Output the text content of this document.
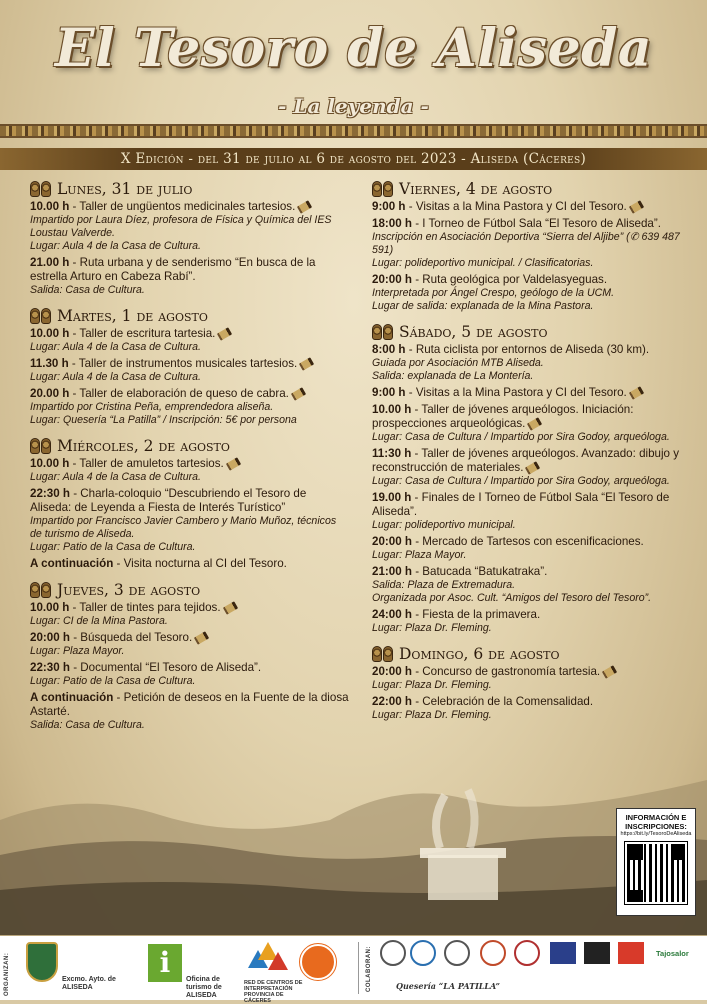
El Tesoro de Aliseda
- La leyenda -
X Edición - del 31 de julio al 6 de agosto del 2023 - Aliseda (Cáceres)
Lunes, 31 de julio
10.00 h - Taller de ungüentos medicinales tartesios.
Impartido por Laura Díez, profesora de Física y Química del IES Loustau Valverde.
Lugar: Aula 4 de la Casa de Cultura.
21.00 h - Ruta urbana y de senderismo “En busca de la estrella Arturo en Cabeza Rabí”.
Salida: Casa de Cultura.
Martes, 1 de agosto
10.00 h - Taller de escritura tartesia.
Lugar: Aula 4 de la Casa de Cultura.
11.30 h - Taller de instrumentos musicales tartesios.
Lugar: Aula 4 de la Casa de Cultura.
20.00 h - Taller de elaboración de queso de cabra.
Impartido por Cristina Peña, emprendedora aliseña.
Lugar: Quesería “La Patilla” / Inscripción: 5€ por persona
Miércoles, 2 de agosto
10.00 h - Taller de amuletos tartesios.
Lugar: Aula 4 de la Casa de Cultura.
22:30 h - Charla-coloquio “Descubriendo el Tesoro de Aliseda: de Leyenda a Fiesta de Interés Turístico”
Impartido por Francisco Javier Cambero y Mario Muñoz, técnicos de turismo de Aliseda.
Lugar: Patio de la Casa de Cultura.
A continuación - Visita nocturna al CI del Tesoro.
Jueves, 3 de agosto
10.00 h - Taller de tintes para tejidos.
Lugar: CI de la Mina Pastora.
20:00 h - Búsqueda del Tesoro.
Lugar: Plaza Mayor.
22:30 h - Documental “El Tesoro de Aliseda”.
Lugar: Patio de la Casa de Cultura.
A continuación - Petición de deseos en la Fuente de la diosa Astarté.
Salida: Casa de Cultura.
Viernes, 4 de agosto
9:00 h - Visitas a la Mina Pastora y CI del Tesoro.
18:00 h - I Torneo de Fútbol Sala “El Tesoro de Aliseda”.
Inscripción en Asociación Deportiva “Sierra del Aljibe” (✆ 639 487 591)
Lugar: polideportivo municipal. / Clasificatorias.
20:00 h - Ruta geológica por Valdelasyeguas.
Interpretada por Ángel Crespo, geólogo de la UCM.
Lugar de salida: explanada de la Mina Pastora.
Sábado, 5 de agosto
8:00 h - Ruta ciclista por entornos de Aliseda (30 km).
Guiada por Asociación MTB Aliseda.
Salida: explanada de La Montería.
9:00 h - Visitas a la Mina Pastora y CI del Tesoro.
10.00 h - Taller de jóvenes arqueólogos. Iniciación: prospecciones arqueológicas.
Lugar: Casa de Cultura / Impartido por Sira Godoy, arqueóloga.
11:30 h - Taller de jóvenes arqueólogos. Avanzado: dibujo y reconstrucción de materiales.
Lugar: Casa de Cultura / Impartido por Sira Godoy, arqueóloga.
19.00 h - Finales de I Torneo de Fútbol Sala “El Tesoro de Aliseda”.
Lugar: polideportivo municipal.
20:00 h - Mercado de Tartesos con escenificaciones.
Lugar: Plaza Mayor.
21:00 h - Batucada “Batukatraka”.
Salida: Plaza de Extremadura.
Organizada por Asoc. Cult. “Amigos del Tesoro del Tesoro”.
24:00 h - Fiesta de la primavera.
Lugar: Plaza Dr. Fleming.
Domingo, 6 de agosto
20:00 h - Concurso de gastronomía tartesia.
Lugar: Plaza Dr. Fleming.
22:00 h - Celebración de la Comensalidad.
Lugar: Plaza Dr. Fleming.
INFORMACIÓN E INSCRIPCIONES:
https://bit.ly/TesoroDeAliseda
ORGANIZAN:	Excmo. Ayto. de ALISEDA
i
Oficina de turismo de ALISEDA
RED DE CENTROS DE INTERPRETACIÓN PROVINCIA DE CÁCERES
COLABORAN:	Tajosalor
Quesería “LA PATILLA”
